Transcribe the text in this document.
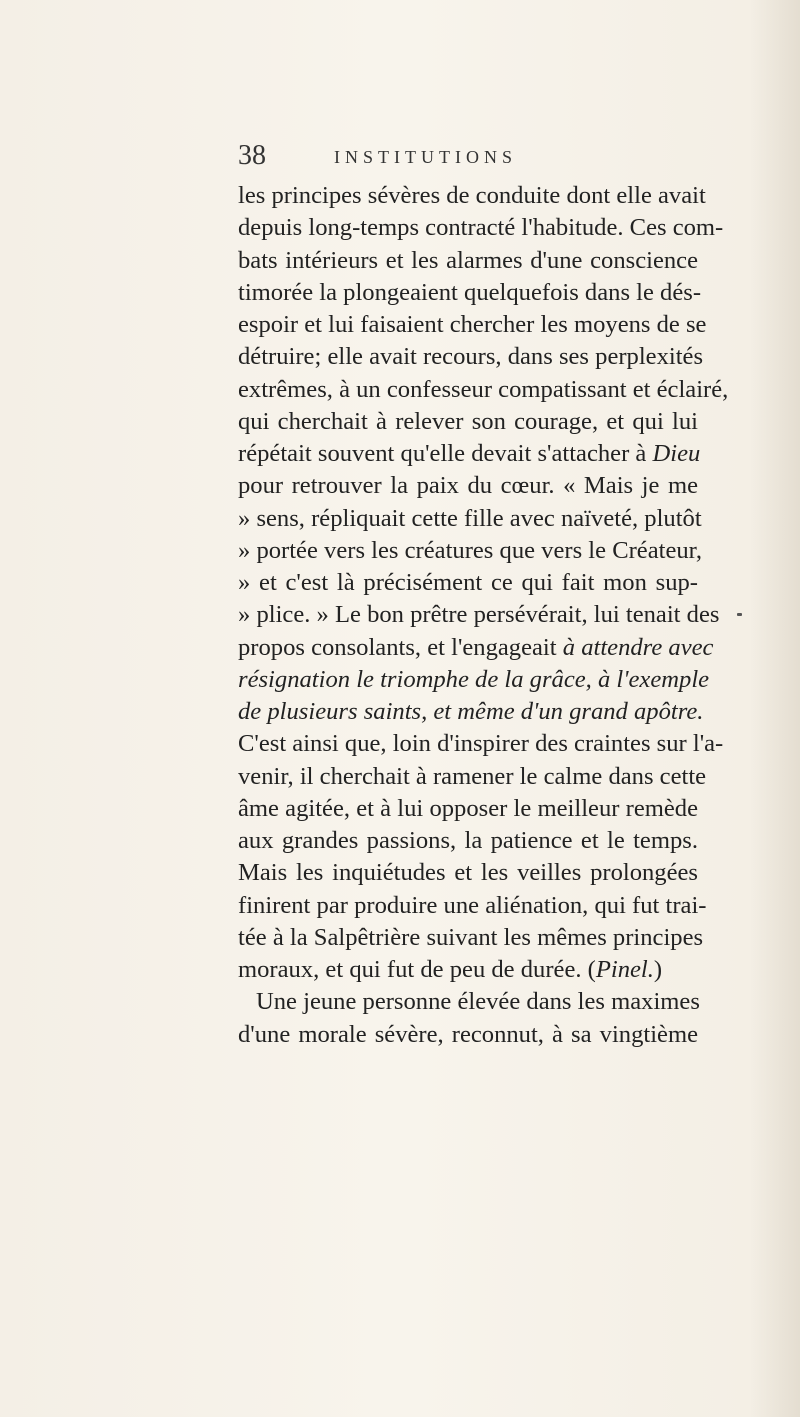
38	INSTITUTIONS
les principes sévères de conduite dont elle avait
depuis long-temps contracté l'habitude. Ces com-
bats intérieurs et les alarmes d'une conscience
timorée la plongeaient quelquefois dans le dés-
espoir et lui faisaient chercher les moyens de se
détruire; elle avait recours, dans ses perplexités
extrêmes, à un confesseur compatissant et éclairé,
qui cherchait à relever son courage, et qui lui
répétait souvent qu'elle devait s'attacher à Dieu
pour retrouver la paix du cœur. « Mais je me
» sens, répliquait cette fille avec naïveté, plutôt
» portée vers les créatures que vers le Créateur,
» et c'est là précisément ce qui fait mon sup-
» plice. » Le bon prêtre persévérait, lui tenait des
propos consolants, et l'engageait à attendre avec
résignation le triomphe de la grâce, à l'exemple
de plusieurs saints, et même d'un grand apôtre.
C'est ainsi que, loin d'inspirer des craintes sur l'a-
venir, il cherchait à ramener le calme dans cette
âme agitée, et à lui opposer le meilleur remède
aux grandes passions, la patience et le temps.
Mais les inquiétudes et les veilles prolongées
finirent par produire une aliénation, qui fut trai-
tée à la Salpêtrière suivant les mêmes principes
moraux, et qui fut de peu de durée. (Pinel.)
Une jeune personne élevée dans les maximes
d'une morale sévère, reconnut, à sa vingtième
